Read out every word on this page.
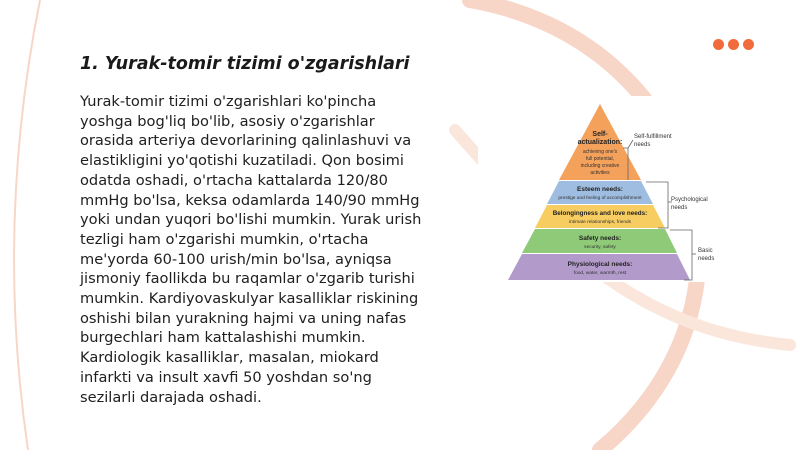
1. Yurak-tomir tizimi o'zgarishlari
Yurak-tomir tizimi o'zgarishlari ko'pincha yoshga bog'liq bo'lib, asosiy o'zgarishlar orasida arteriya devorlarining qalinlashuvi va elastikligini yo'qotishi kuzatiladi. Qon bosimi odatda oshadi, o'rtacha kattalarda 120/80 mmHg bo'lsa, keksa odamlarda 140/90 mmHg yoki undan yuqori bo'lishi mumkin. Yurak urish tezligi ham o'zgarishi mumkin, o'rtacha me'yorda 60-100 urish/min bo'lsa, ayniqsa jismoniy faollikda bu raqamlar o'zgarib turishi mumkin. Kardiyovaskulyar kasalliklar riskining oshishi bilan yurakning hajmi va uning nafas burgechlari ham kattalashishi mumkin. Kardiologik kasalliklar, masalan, miokard infarkti va insult xavfi 50 yoshdan so'ng sezilarli darajada oshadi.
Self-
actualization:
achieving one's
full potential,
including creative
activities
Esteem needs:
prestige and feeling of accomplishment
Belongingness and love needs:
intimate relationships, friends
Safety needs:
security, safety
Physiological needs:
food, water, warmth, rest
Self-fulfillment
needs
Psychological
needs
Basic
needs
